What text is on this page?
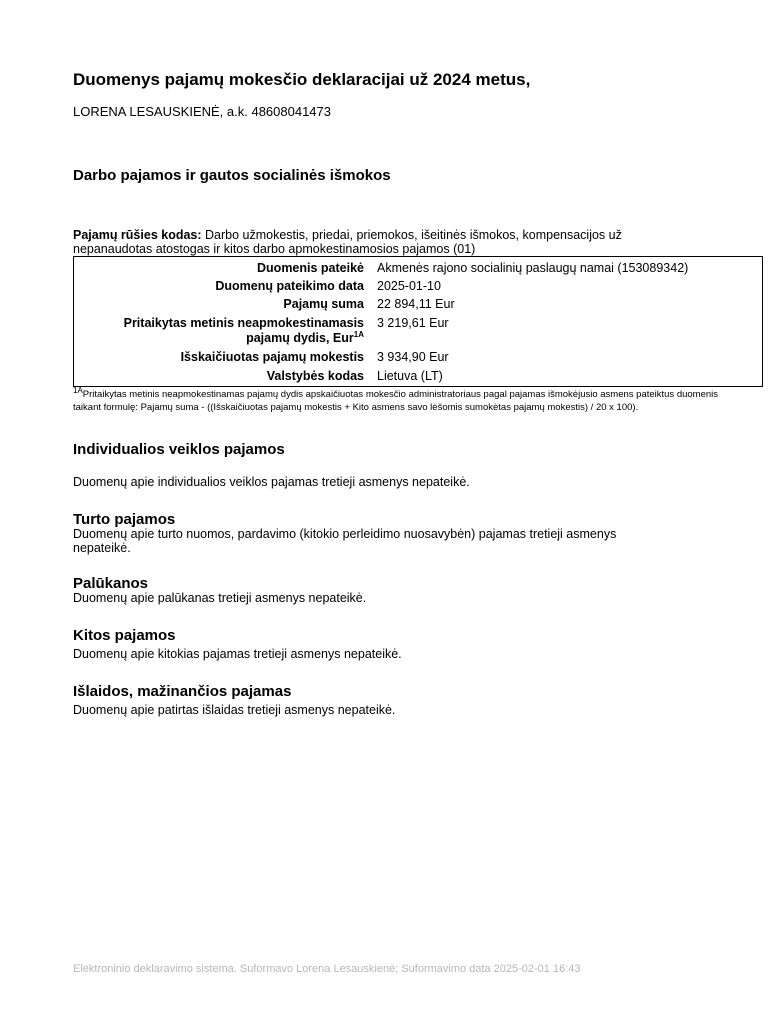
Duomenys pajamų mokesčio deklaracijai už 2024 metus,
LORENA LESAUSKIENĖ, a.k. 48608041473
Darbo pajamos ir gautos socialinės išmokos
Pajamų rūšies kodas: Darbo užmokestis, priedai, priemokos, išeitinės išmokos, kompensacijos už nepanaudotas atostogas ir kitos darbo apmokestinamosios pajamos (01)
Duomenis pateikė Akmenės rajono socialinių paslaugų namai (153089342)
Duomenų pateikimo data 2025-01-10
Pajamų suma 22 894,11 Eur
Pritaikytas metinis neapmokestinamasis
pajamų dydis, Eur$^{1A}$
3 219,61 Eur
Išskaičiuotas pajamų mokestis 3 934,90 Eur
Valstybės kodas Lietuva (LT)
$^{1A}$Pritaikytas metinis neapmokestinamas pajamų dydis apskaičiuotas mokesčio administratoriaus pagal pajamas išmokėjusio asmens pateiktus duomenis taikant formulę: Pajamų suma - ((Išskaičiuotas pajamų mokestis + Kito asmens savo lėšomis sumokėtas pajamų mokestis) / 20 x 100).
Individualios veiklos pajamos
Duomenų apie individualios veiklos pajamas tretieji asmenys nepateikė.
Turto pajamos
Duomenų apie turto nuomos, pardavimo (kitokio perleidimo nuosavybėn) pajamas tretieji asmenys nepateikė.
Palūkanos
Duomenų apie palūkanas tretieji asmenys nepateikė.
Kitos pajamos
Duomenų apie kitokias pajamas tretieji asmenys nepateikė.
Išlaidos, mažinančios pajamas
Duomenų apie patirtas išlaidas tretieji asmenys nepateikė.
Elektroninio deklaravimo sistema. Suformavo Lorena Lesauskienė; Suformavimo data 2025-02-01 16:43
